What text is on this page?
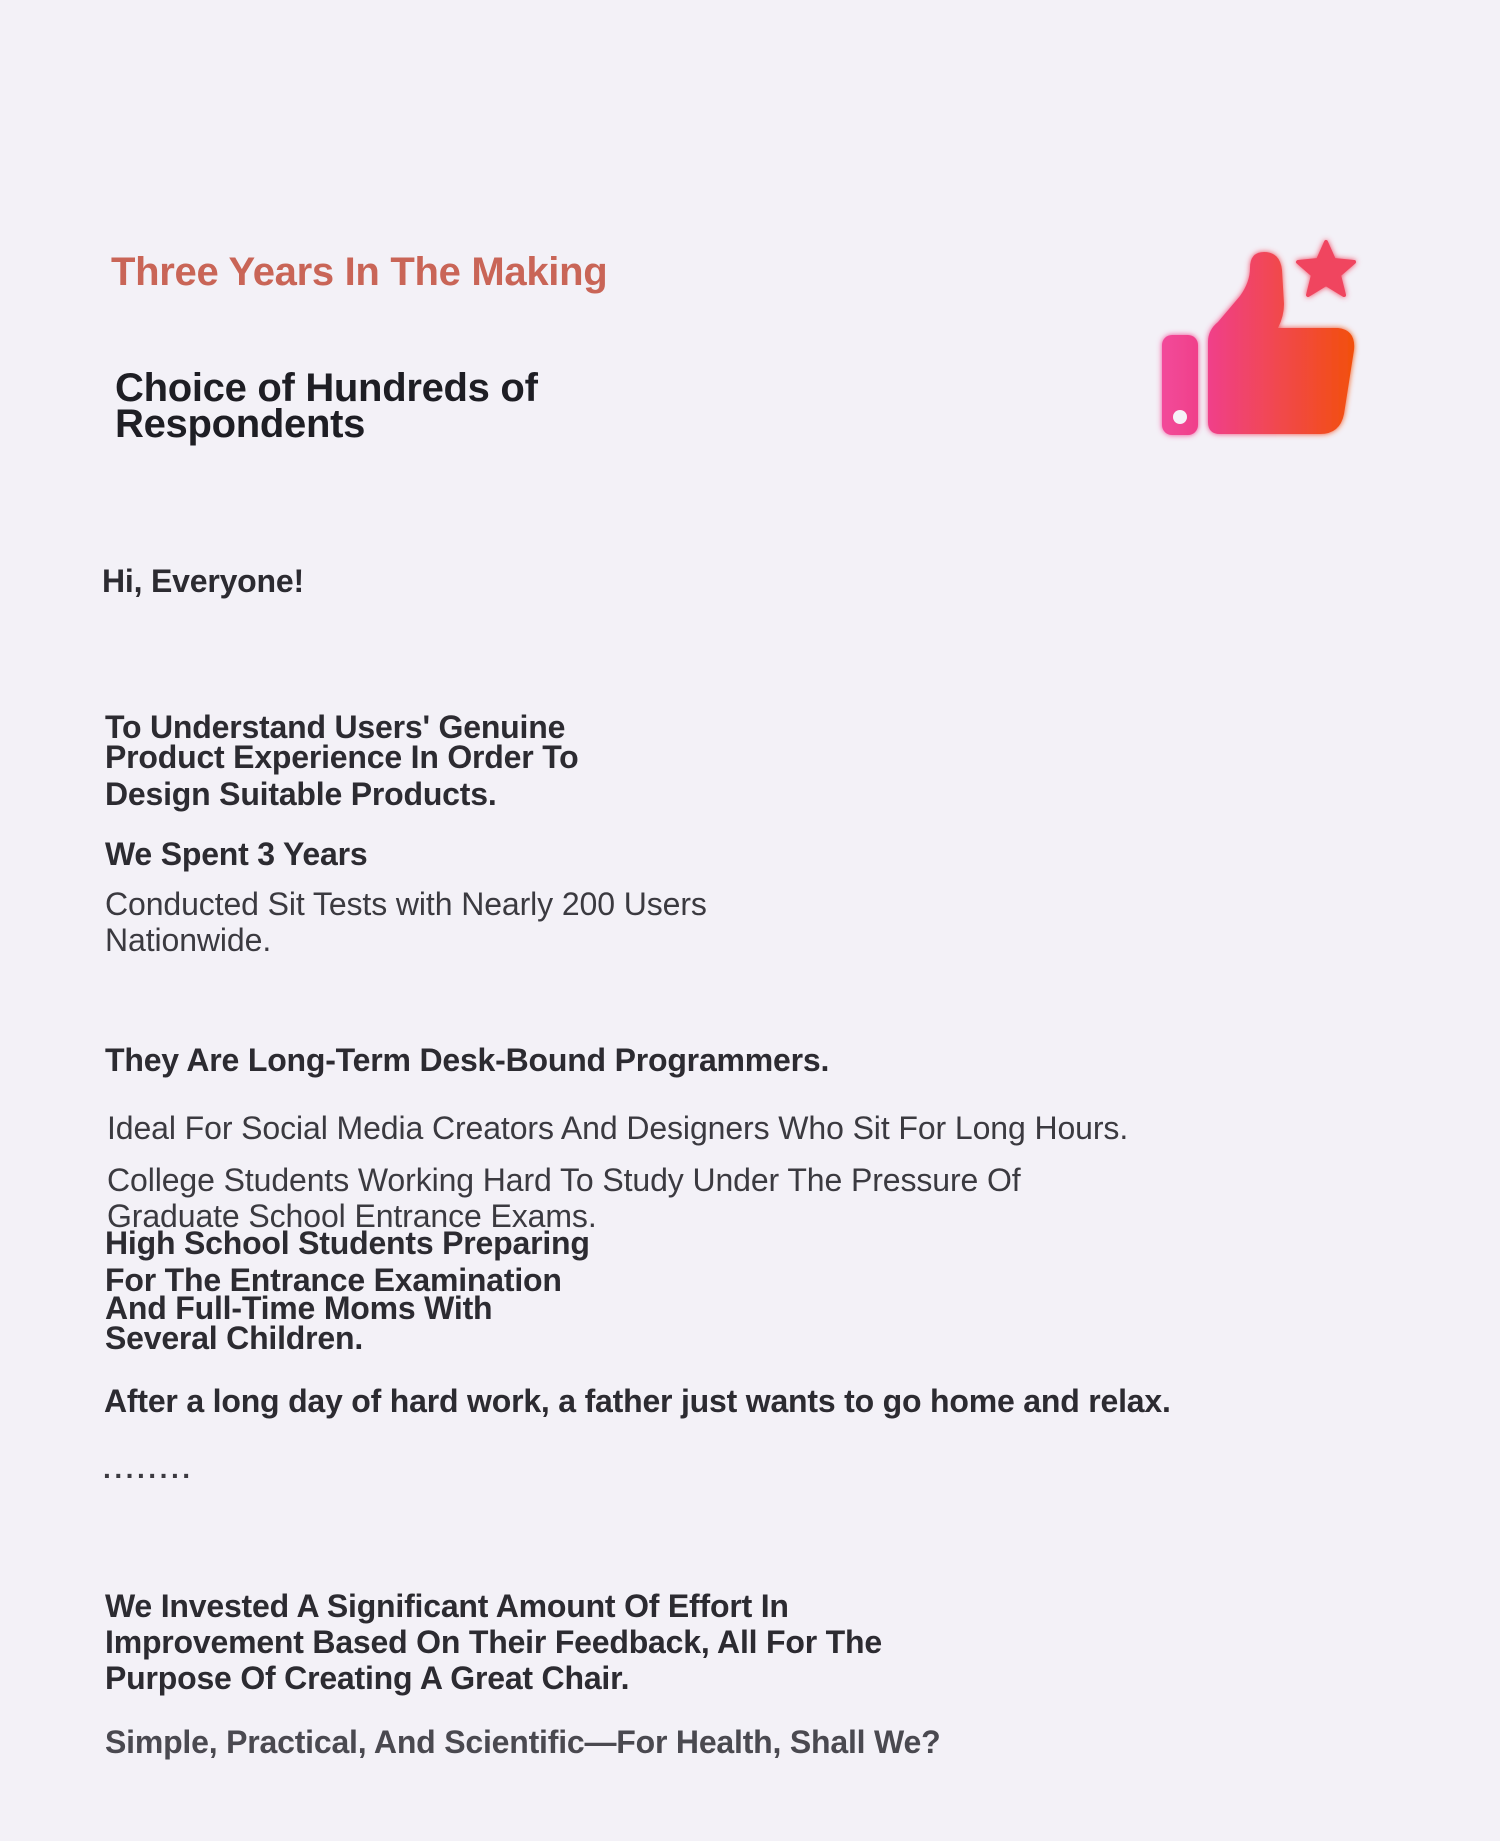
Three Years In The Making
Choice of Hundreds of
Respondents
Hi, Everyone!
To Understand Users' Genuine
Product Experience In Order To
Design Suitable Products.
We Spent 3 Years
Conducted Sit Tests with Nearly 200 Users
Nationwide.
They Are Long-Term Desk-Bound Programmers.
Ideal For Social Media Creators And Designers Who Sit For Long Hours.
College Students Working Hard To Study Under The Pressure Of
Graduate School Entrance Exams.
High School Students Preparing
For The Entrance Examination
And Full-Time Moms With
Several Children.
After a long day of hard work, a father just wants to go home and relax.
········
We Invested A Significant Amount Of Effort In
Improvement Based On Their Feedback, All For The
Purpose Of Creating A Great Chair.
Simple, Practical, And Scientific—For Health, Shall We?
